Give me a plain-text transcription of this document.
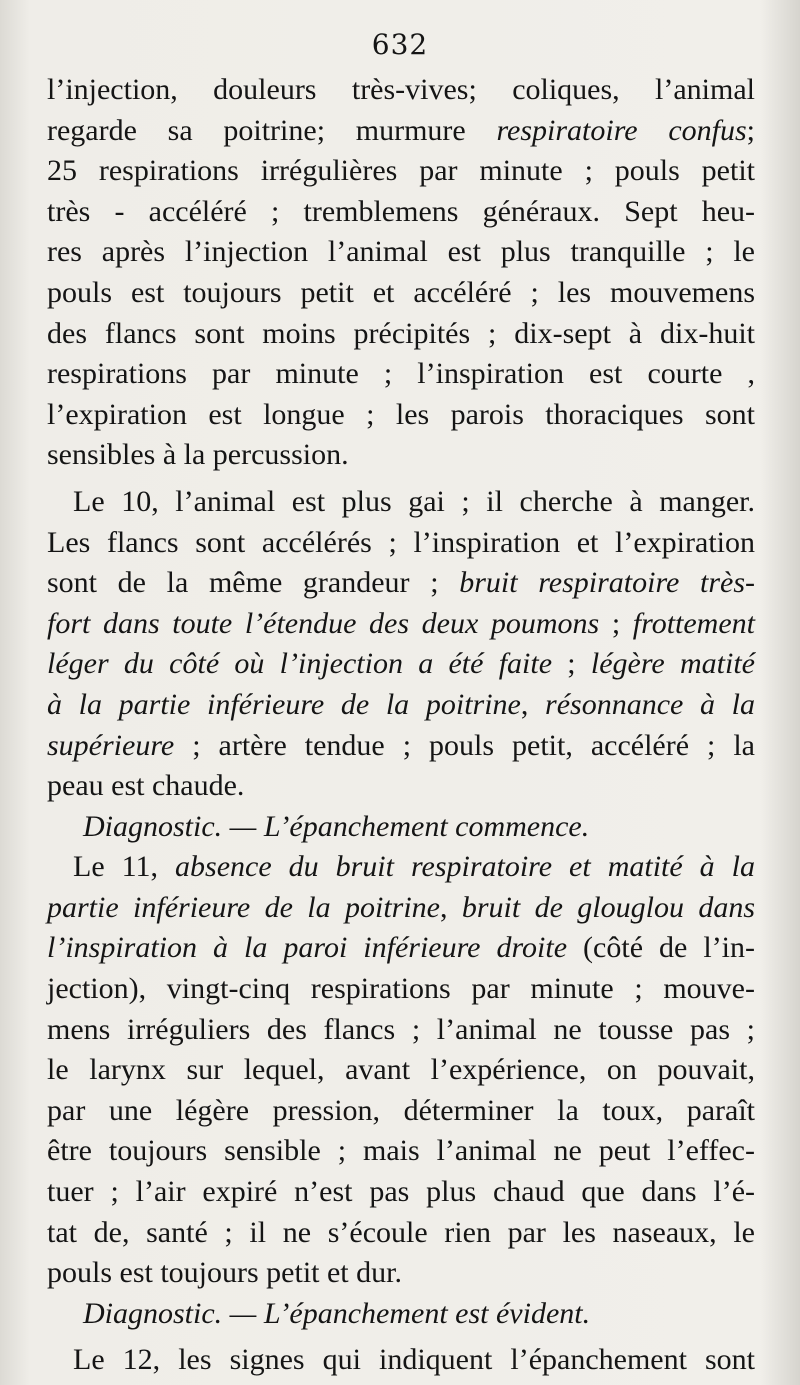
632
l’injection, douleurs très-vives; coliques, l’animal
regarde sa poitrine; murmure respiratoire confus;
25 respirations irrégulières par minute ; pouls petit
très - accéléré ; tremblemens généraux. Sept heu-
res après l’injection l’animal est plus tranquille ; le
pouls est toujours petit et accéléré ; les mouvemens
des flancs sont moins précipités ; dix-sept à dix-huit
respirations par minute ; l’inspiration est courte ,
l’expiration est longue ; les parois thoraciques sont
sensibles à la percussion.
Le 10, l’animal est plus gai ; il cherche à manger.
Les flancs sont accélérés ; l’inspiration et l’expiration
sont de la même grandeur ; bruit respiratoire très-
fort dans toute l’étendue des deux poumons ; frottement
léger du côté où l’injection a été faite ; légère matité
à la partie inférieure de la poitrine, résonnance à la
supérieure ; artère tendue ; pouls petit, accéléré ; la
peau est chaude.
Diagnostic. — L’épanchement commence.
Le 11, absence du bruit respiratoire et matité à la
partie inférieure de la poitrine, bruit de glouglou dans
l’inspiration à la paroi inférieure droite (côté de l’in-
jection), vingt-cinq respirations par minute ; mouve-
mens irréguliers des flancs ; l’animal ne tousse pas ;
le larynx sur lequel, avant l’expérience, on pouvait,
par une légère pression, déterminer la toux, paraît
être toujours sensible ; mais l’animal ne peut l’effec-
tuer ; l’air expiré n’est pas plus chaud que dans l’é-
tat de, santé ; il ne s’écoule rien par les naseaux, le
pouls est toujours petit et dur.
Diagnostic. — L’épanchement est évident.
Le 12, les signes qui indiquent l’épanchement sont
